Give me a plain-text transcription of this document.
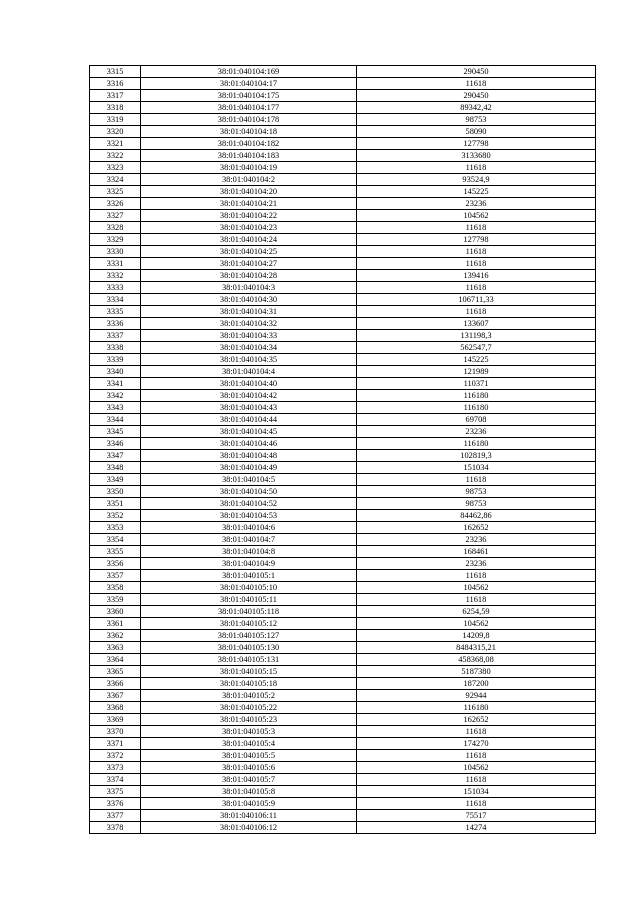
3315	38:01:040104:169	290450
3316	38:01:040104:17	11618
3317	38:01:040104:175	290450
3318	38:01:040104:177	89342,42
3319	38:01:040104:178	98753
3320	38:01:040104:18	58090
3321	38:01:040104:182	127798
3322	38:01:040104:183	3133680
3323	38:01:040104:19	11618
3324	38:01:040104:2	93524,9
3325	38:01:040104:20	145225
3326	38:01:040104:21	23236
3327	38:01:040104:22	104562
3328	38:01:040104:23	11618
3329	38:01:040104:24	127798
3330	38:01:040104:25	11618
3331	38:01:040104:27	11618
3332	38:01:040104:28	139416
3333	38:01:040104:3	11618
3334	38:01:040104:30	106711,33
3335	38:01:040104:31	11618
3336	38:01:040104:32	133607
3337	38:01:040104:33	131198,3
3338	38:01:040104:34	562547,7
3339	38:01:040104:35	145225
3340	38:01:040104:4	121989
3341	38:01:040104:40	110371
3342	38:01:040104:42	116180
3343	38:01:040104:43	116180
3344	38:01:040104:44	69708
3345	38:01:040104:45	23236
3346	38:01:040104:46	116180
3347	38:01:040104:48	102819,3
3348	38:01:040104:49	151034
3349	38:01:040104:5	11618
3350	38:01:040104:50	98753
3351	38:01:040104:52	98753
3352	38:01:040104:53	84462,86
3353	38:01:040104:6	162652
3354	38:01:040104:7	23236
3355	38:01:040104:8	168461
3356	38:01:040104:9	23236
3357	38:01:040105:1	11618
3358	38:01:040105:10	104562
3359	38:01:040105:11	11618
3360	38:01:040105:118	6254,59
3361	38:01:040105:12	104562
3362	38:01:040105:127	14209,8
3363	38:01:040105:130	8484315,21
3364	38:01:040105:131	458368,08
3365	38:01:040105:15	5187380
3366	38:01:040105:18	187200
3367	38:01:040105:2	92944
3368	38:01:040105:22	116180
3369	38:01:040105:23	162652
3370	38:01:040105:3	11618
3371	38:01:040105:4	174270
3372	38:01:040105:5	11618
3373	38:01:040105:6	104562
3374	38:01:040105:7	11618
3375	38:01:040105:8	151034
3376	38:01:040105:9	11618
3377	38:01:040106:11	75517
3378	38:01:040106:12	14274
